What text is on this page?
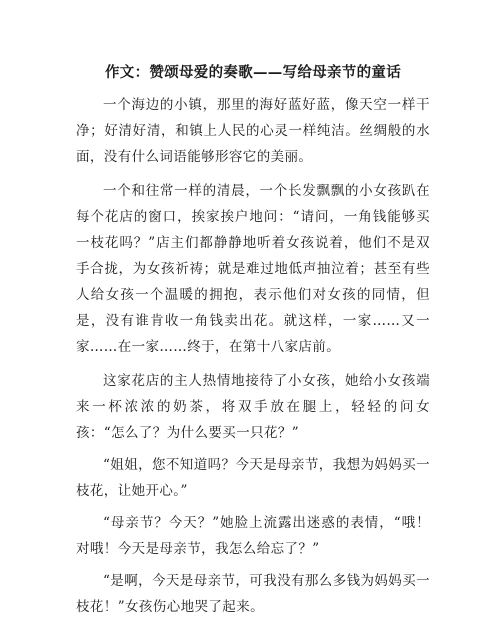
作文：赞颂母爱的奏歌——写给母亲节的童话

一个海边的小镇，那里的海好蓝好蓝，像天空一样干净；好清好清，和镇上人民的心灵一样纯洁。丝绸般的水面，没有什么词语能够形容它的美丽。

一个和往常一样的清晨，一个长发飘飘的小女孩趴在每个花店的窗口，挨家挨户地问：“请问，一角钱能够买一枝花吗？”店主们都静静地听着女孩说着，他们不是双手合拢，为女孩祈祷；就是难过地低声抽泣着；甚至有些人给女孩一个温暖的拥抱，表示他们对女孩的同情，但是，没有谁肯收一角钱卖出花。就这样，一家……又一家……在一家……终于，在第十八家店前。

这家花店的主人热情地接待了小女孩，她给小女孩端来一杯浓浓的奶茶，将双手放在腿上，轻轻的问女孩：“怎么了？为什么要买一只花？”

“姐姐，您不知道吗？今天是母亲节，我想为妈妈买一枝花，让她开心。”

“母亲节？今天？”她脸上流露出迷惑的表情，“哦！对哦！今天是母亲节，我怎么给忘了？”

“是啊，今天是母亲节，可我没有那么多钱为妈妈买一枝花！”女孩伤心地哭了起来。
